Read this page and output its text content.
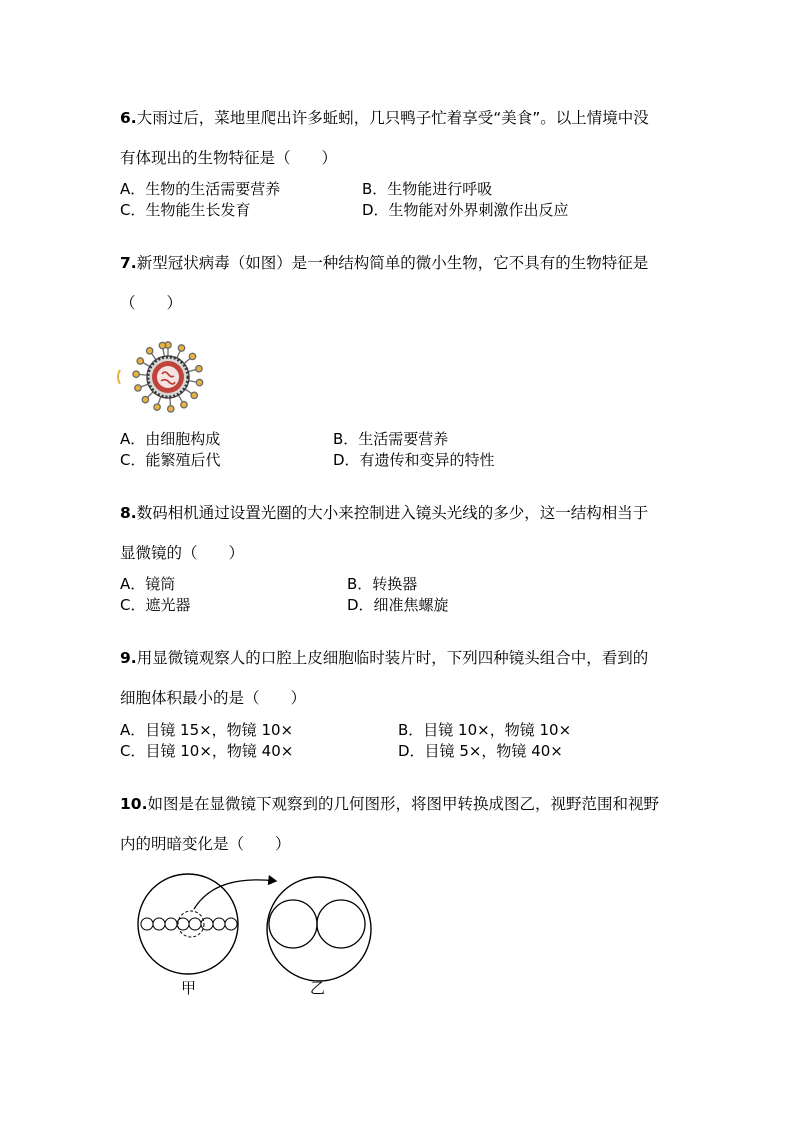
6.大雨过后，菜地里爬出许多蚯蚓，几只鸭子忙着享受“美食”。以上情境中没
有体现出的生物特征是（　　）
A．生物的生活需要营养	B．生物能进行呼吸
C．生物能生长发育	D．生物能对外界刺激作出反应
7.新型冠状病毒（如图）是一种结构简单的微小生物，它不具有的生物特征是
（　　）
A．由细胞构成	B．生活需要营养
C．能繁殖后代	D．有遗传和变异的特性
8.数码相机通过设置光圈的大小来控制进入镜头光线的多少，这一结构相当于
显微镜的（　　）
A．镜筒	B．转换器
C．遮光器	D．细准焦螺旋
9.用显微镜观察人的口腔上皮细胞临时装片时，下列四种镜头组合中，看到的
细胞体积最小的是（　　）
A．目镜 15×，物镜 10×	B．目镜 10×，物镜 10×
C．目镜 10×，物镜 40×	D．目镜 5×，物镜 40×
10.如图是在显微镜下观察到的几何图形，将图甲转换成图乙，视野范围和视野
内的明暗变化是（　　）
甲	乙
